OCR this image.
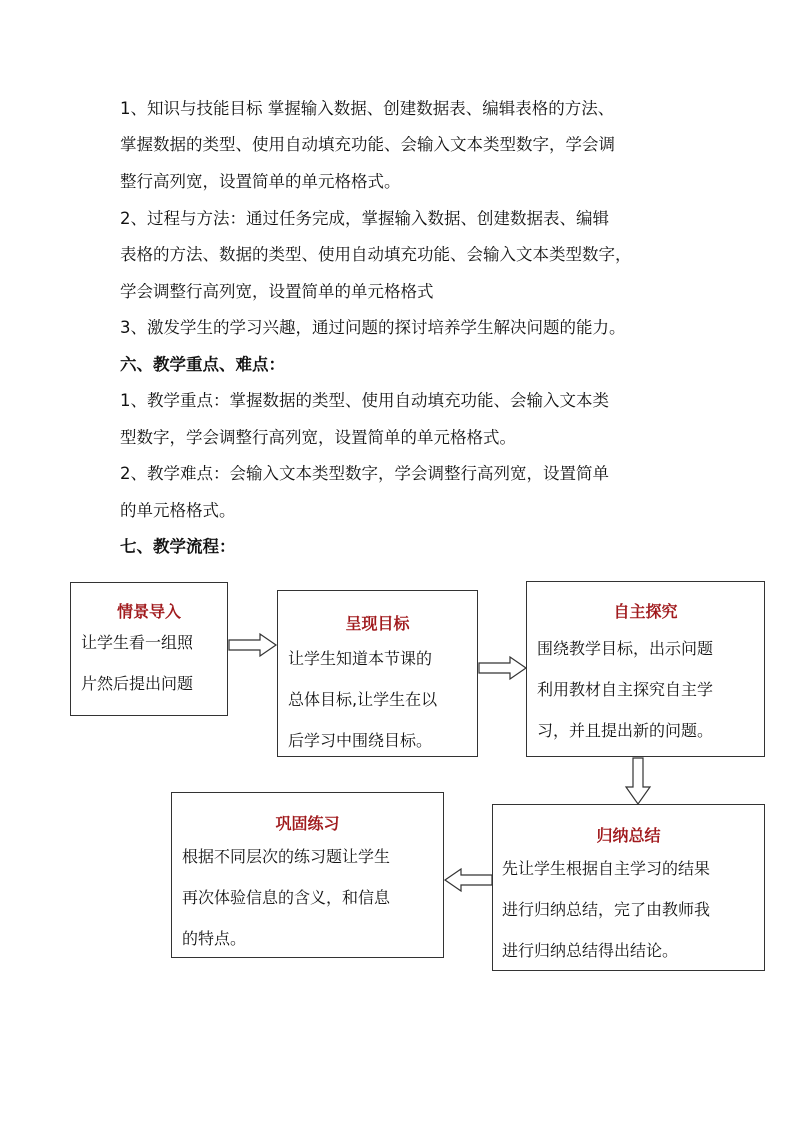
1、知识与技能目标 掌握输入数据、创建数据表、编辑表格的方法、
掌握数据的类型、使用自动填充功能、会输入文本类型数字，学会调
整行高列宽，设置简单的单元格格式。
2、过程与方法：通过任务完成，掌握输入数据、创建数据表、编辑
表格的方法、数据的类型、使用自动填充功能、会输入文本类型数字，
学会调整行高列宽，设置简单的单元格格式
3、激发学生的学习兴趣，通过问题的探讨培养学生解决问题的能力。
六、教学重点、难点：
1、教学重点：掌握数据的类型、使用自动填充功能、会输入文本类
型数字，学会调整行高列宽，设置简单的单元格格式。
2、教学难点：会输入文本类型数字，学会调整行高列宽，设置简单
的单元格格式。
七、教学流程：
情景导入
让学生看一组照
片然后提出问题
呈现目标
让学生知道本节课的
总体目标,让学生在以
后学习中围绕目标。
自主探究
围绕教学目标，出示问题
利用教材自主探究自主学
习，并且提出新的问题。
归纳总结
先让学生根据自主学习的结果
进行归纳总结，完了由教师我
进行归纳总结得出结论。
巩固练习
根据不同层次的练习题让学生
再次体验信息的含义，和信息
的特点。
